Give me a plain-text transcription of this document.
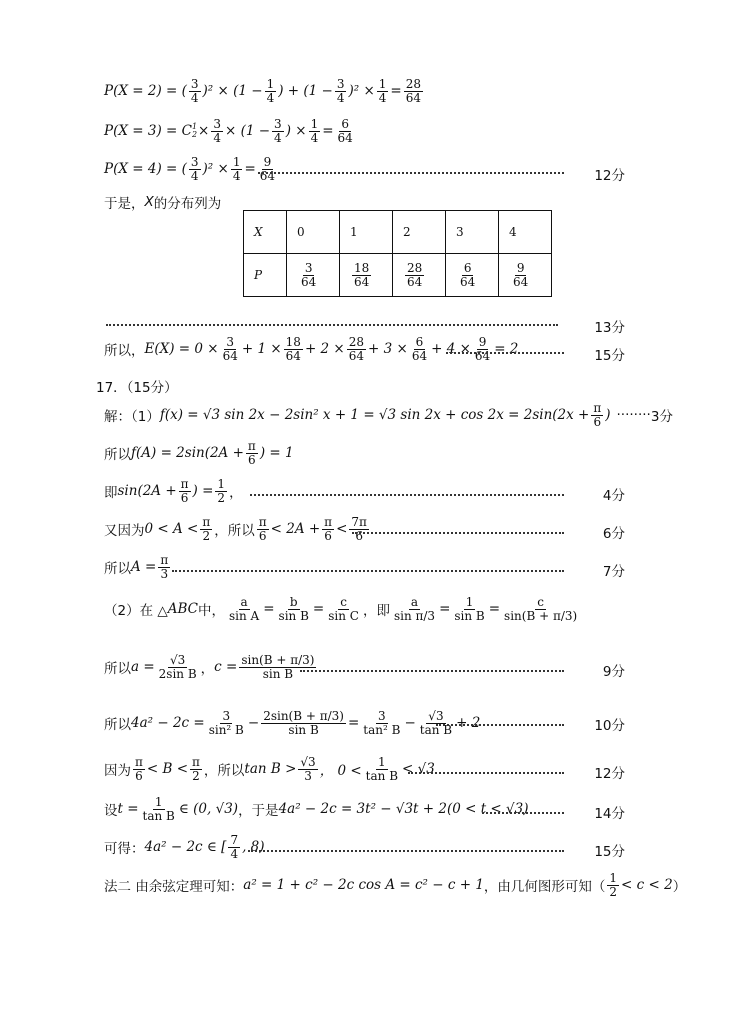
P(X = 2) = ( 3
4 )$^2 \times (1 - \frac{1}{4}$ ) + $(1 - \frac{3}{4} )^2 \times \frac{1}{4} = \frac{28}{64}$
P(X = 3) = C 1
$2 \times \frac{3}{4} \times (1 - \frac{3}{4}$ ) × $\frac{1}{4} = \frac{6}{64}$
P(X = 4) = ( 3
4 )$^2 \times \frac{1}{4} = \frac{9}{64}$	12分
于是， X 的分布列为
X	0	1	2	3	4
P	$\frac{3}{64}$	$\frac{18}{64}$	$\frac{28}{64}$	$\frac{6}{64}$	$\frac{9}{64}$
13分
所以， $E(X) = 0 \times \frac{3}{64} + 1 \times \frac{18}{64} + 2 \times \frac{28}{64} + 3 \times \frac{6}{64} + 4 \times \frac{9}{64} = 2$	15分
17．（15分）
解：（1） f(x) = √3 sin 2x − 2sin² x + 1 = √3 $\sin 2x + \cos 2x = 2\sin(2x + \frac{\pi}{6}$ ) ········ 3分
所以 $f(A) = 2\sin(2A + \frac{\pi}{6}$ ) = 1
即 $\sin(2A + \frac{\pi}{6}$ ) = $\frac{1}{2}$ ，	4分
又因为 0 < A < π
2 ，所以
π
$6 < 2A + \frac{\pi}{6} < 7\pi$
6	6分
所以 $A = \frac{\pi}{3}$	7分
（2）在 △ ABC 中，
a
sin A = b
sin B = c
sin C ，即
a
sin π/3 = 1
sin B =	c
sin(B + π/3)
所以 $a = \frac{√3}{\text{2sin B}}$ ， $c = \frac{\sin(B + \pi/3)}{\text{sin B}}$	9分
所以 $4a^2 - 2c = \frac{3}{\text{sin² B}} - \frac{2\sin(B + \pi/3)}{\text{sin B}} = \frac{3}{\text{tan² B}} - \frac{√3}{\text{tan B}} + 2$	10分
因为
π
6 < B < π
2 ，所以 tan B > √3
3 ， 0 <
1
tan B < √3	12分
设 $t = \frac{1}{\text{tan B}}$ ∈ (0, √3) ，于是 4a² − 2c = 3t² − √3t + 2(0 < t < √3)	14分
可得： 4a² − 2c ∈ [ 7
4 , 8)	15分
法二 由余弦定理可知： a² = 1 + c² − 2c cos A = c² − c + 1 ，由几何图形可知（
1
2 < c < 2 ）
